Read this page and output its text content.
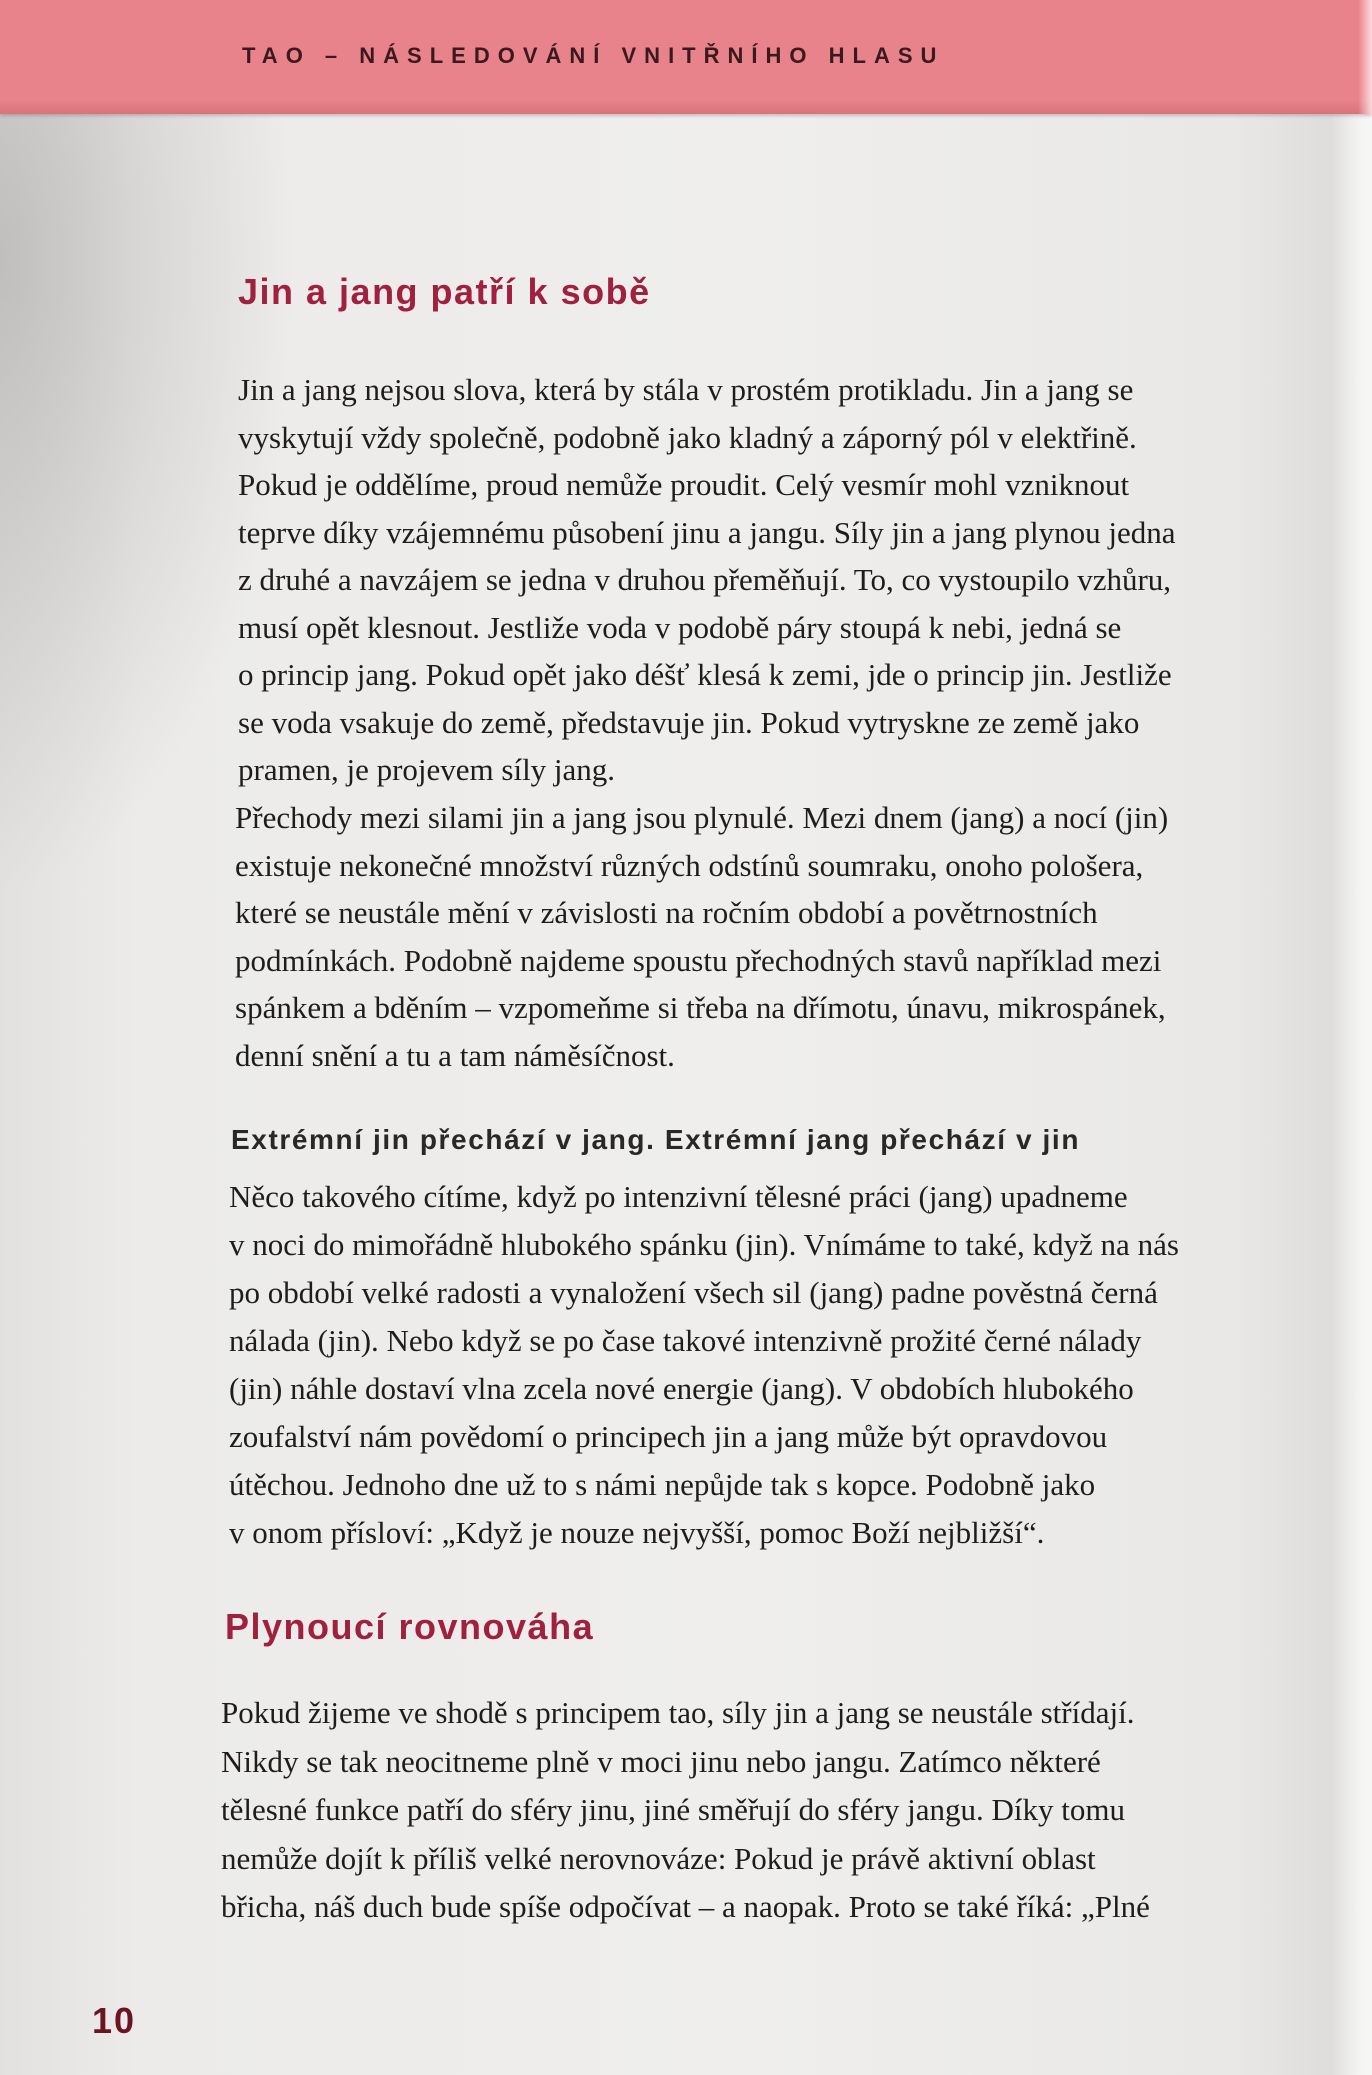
TAO – NÁSLEDOVÁNÍ VNITŘNÍHO HLASU
Jin a jang patří k sobě
Jin a jang nejsou slova, která by stála v prostém protikladu. Jin a jang se
vyskytují vždy společně, podobně jako kladný a záporný pól v elektřině.
Pokud je oddělíme, proud nemůže proudit. Celý vesmír mohl vzniknout
teprve díky vzájemnému působení jinu a jangu. Síly jin a jang plynou jedna
z druhé a navzájem se jedna v druhou přeměňují. To, co vystoupilo vzhůru,
musí opět klesnout. Jestliže voda v podobě páry stoupá k nebi, jedná se
o princip jang. Pokud opět jako déšť klesá k zemi, jde o princip jin. Jestliže
se voda vsakuje do země, představuje jin. Pokud vytryskne ze země jako
pramen, je projevem síly jang.
Přechody mezi silami jin a jang jsou plynulé. Mezi dnem (jang) a nocí (jin)
existuje nekonečné množství různých odstínů soumraku, onoho pološera,
které se neustále mění v závislosti na ročním období a povětrnostních
podmínkách. Podobně najdeme spoustu přechodných stavů například mezi
spánkem a bděním – vzpomeňme si třeba na dřímotu, únavu, mikrospánek,
denní snění a tu a tam náměsíčnost.
Extrémní jin přechází v jang. Extrémní jang přechází v jin
Něco takového cítíme, když po intenzivní tělesné práci (jang) upadneme
v noci do mimořádně hlubokého spánku (jin). Vnímáme to také, když na nás
po období velké radosti a vynaložení všech sil (jang) padne pověstná černá
nálada (jin). Nebo když se po čase takové intenzivně prožité černé nálady
(jin) náhle dostaví vlna zcela nové energie (jang). V obdobích hlubokého
zoufalství nám povědomí o principech jin a jang může být opravdovou
útěchou. Jednoho dne už to s námi nepůjde tak s kopce. Podobně jako
v onom přísloví: „Když je nouze nejvyšší, pomoc Boží nejbližší“.
Plynoucí rovnováha
Pokud žijeme ve shodě s principem tao, síly jin a jang se neustále střídají.
Nikdy se tak neocitneme plně v moci jinu nebo jangu. Zatímco některé
tělesné funkce patří do sféry jinu, jiné směřují do sféry jangu. Díky tomu
nemůže dojít k příliš velké nerovnováze: Pokud je právě aktivní oblast
břicha, náš duch bude spíše odpočívat – a naopak. Proto se také říká: „Plné
10
